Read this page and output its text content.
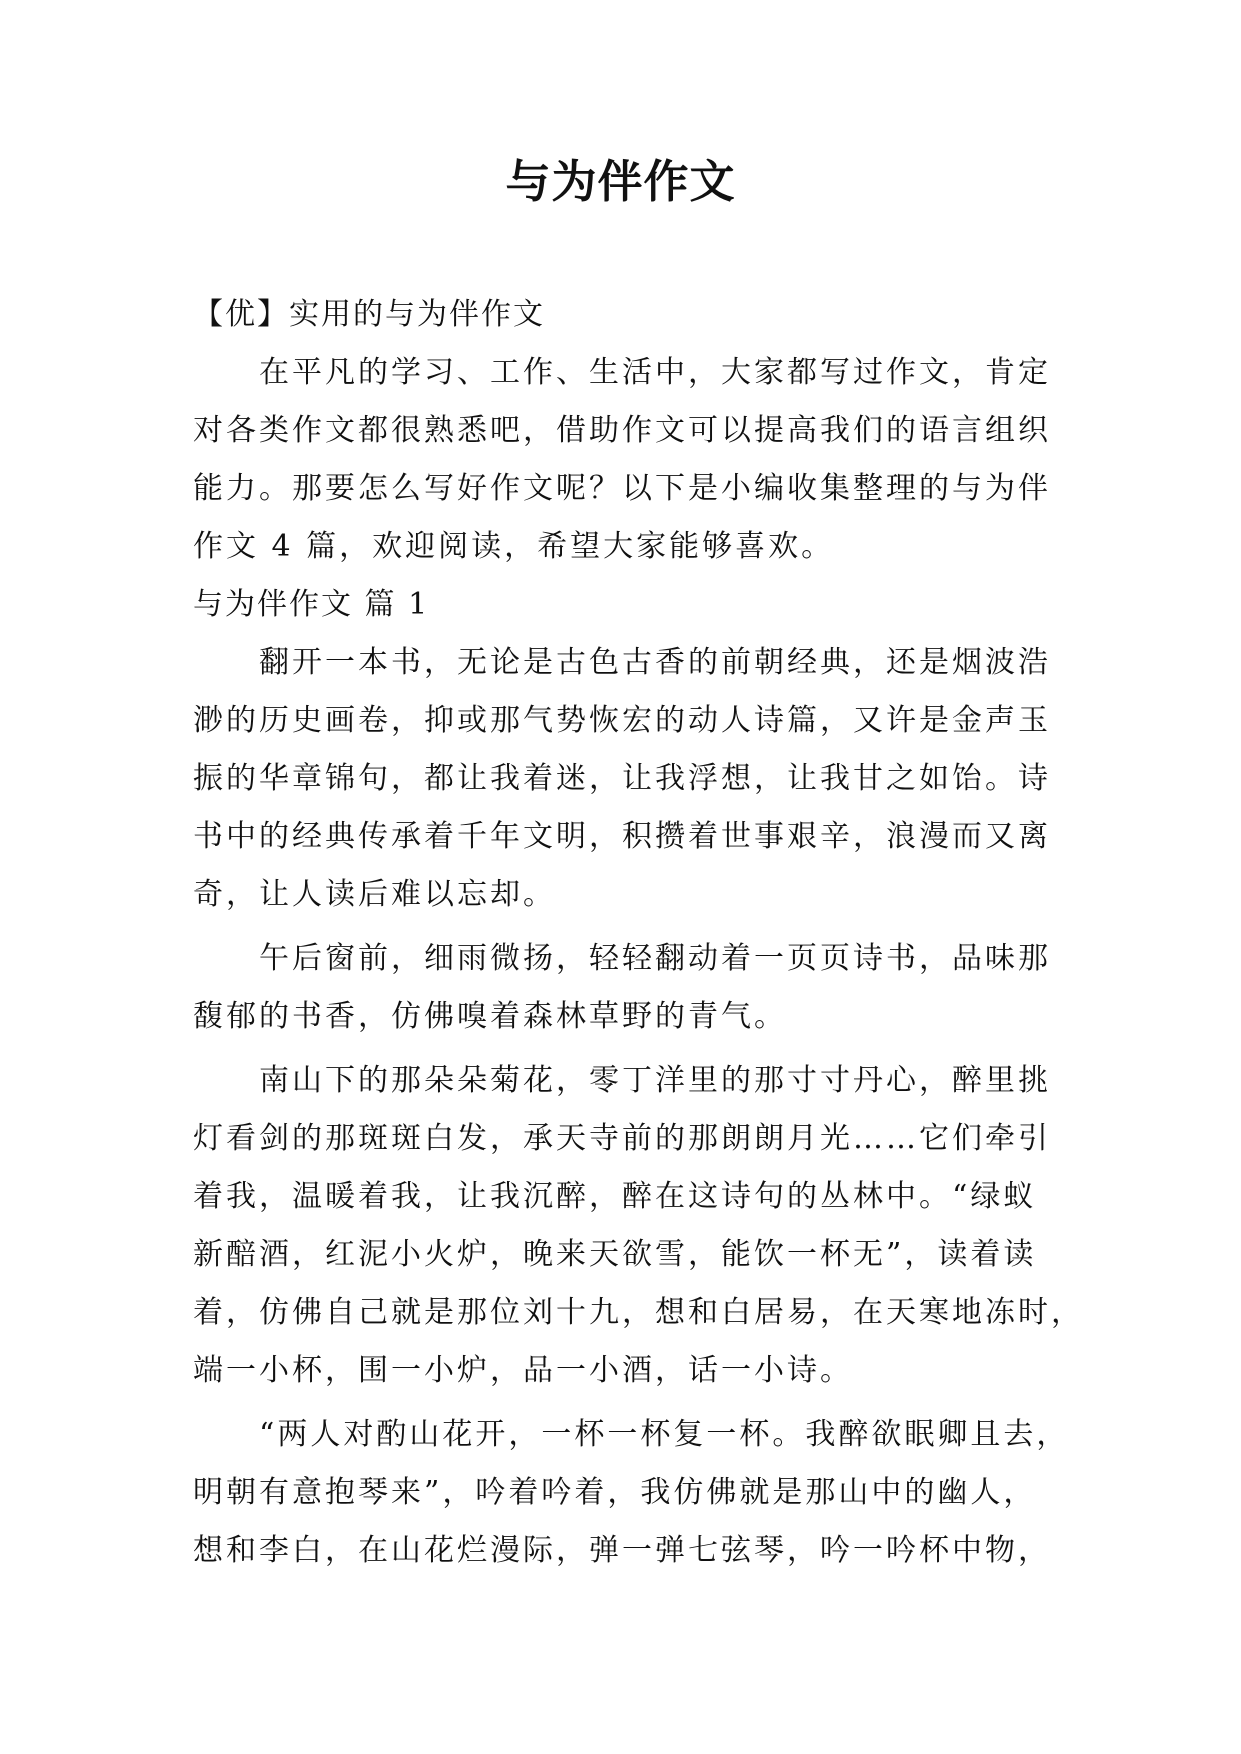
与为伴作文
【优】实用的与为伴作文
　　在平凡的学习、工作、生活中，大家都写过作文，肯定
对各类作文都很熟悉吧，借助作文可以提高我们的语言组织
能力。那要怎么写好作文呢？以下是小编收集整理的与为伴
作文 4 篇，欢迎阅读，希望大家能够喜欢。
与为伴作文 篇 1
　　翻开一本书，无论是古色古香的前朝经典，还是烟波浩
渺的历史画卷，抑或那气势恢宏的动人诗篇，又许是金声玉
振的华章锦句，都让我着迷，让我浮想，让我甘之如饴。诗
书中的经典传承着千年文明，积攒着世事艰辛，浪漫而又离
奇，让人读后难以忘却。
　　午后窗前，细雨微扬，轻轻翻动着一页页诗书，品味那
馥郁的书香，仿佛嗅着森林草野的青气。
　　南山下的那朵朵菊花，零丁洋里的那寸寸丹心，醉里挑
灯看剑的那斑斑白发，承天寺前的那朗朗月光……它们牵引
着我，温暖着我，让我沉醉，醉在这诗句的丛林中。“绿蚁
新醅酒，红泥小火炉，晚来天欲雪，能饮一杯无”，读着读
着，仿佛自己就是那位刘十九，想和白居易，在天寒地冻时，
端一小杯，围一小炉，品一小酒，话一小诗。
　　“两人对酌山花开，一杯一杯复一杯。我醉欲眠卿且去，
明朝有意抱琴来”，吟着吟着，我仿佛就是那山中的幽人，
想和李白，在山花烂漫际，弹一弹七弦琴，吟一吟杯中物，
